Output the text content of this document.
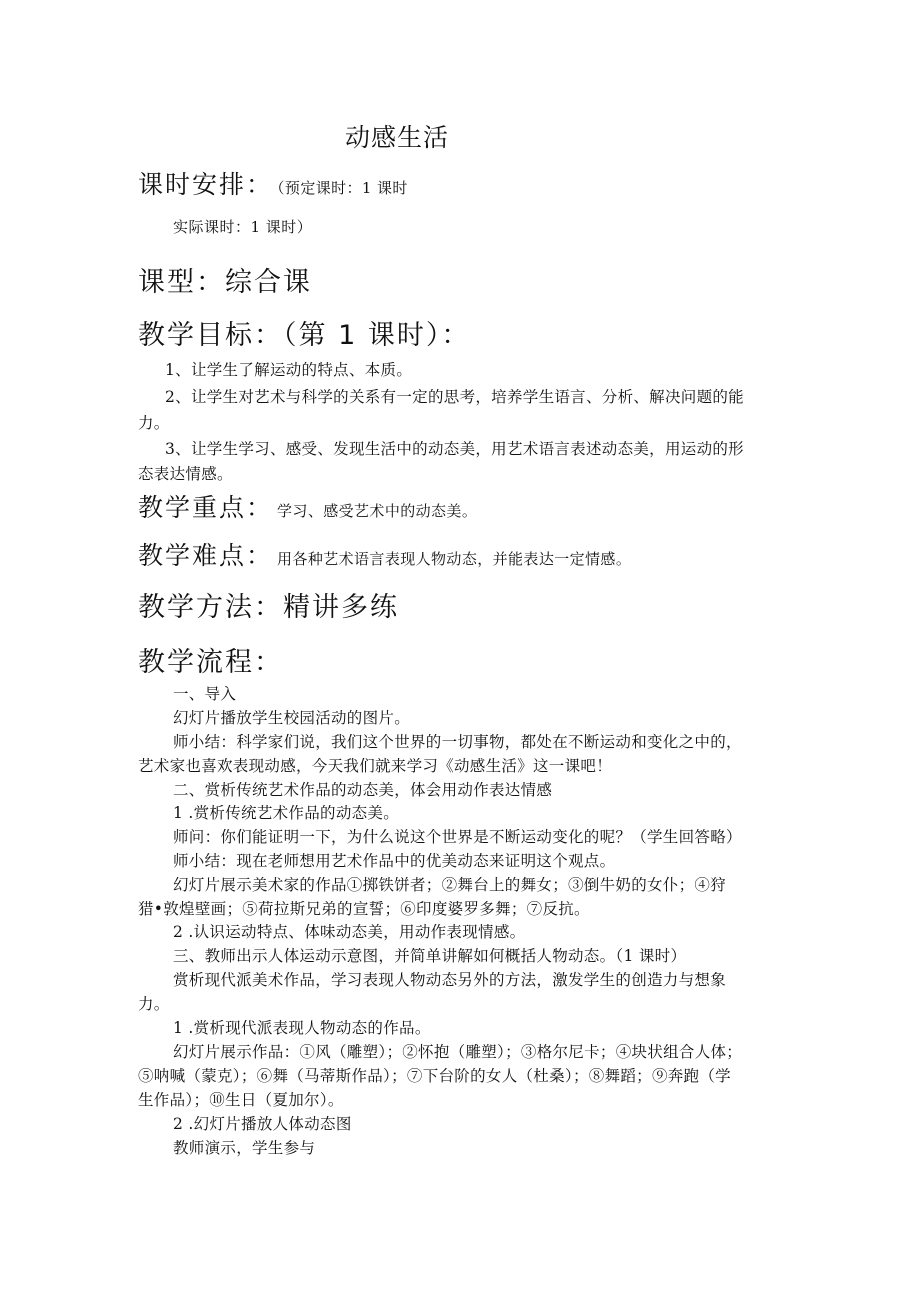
动感生活
课时安排： （预定课时：1 课时
实际课时：1 课时）
课型：综合课
教学目标：（第 1 课时）：
1、让学生了解运动的特点、本质。
2、让学生对艺术与科学的关系有一定的思考，培养学生语言、分析、解决问题的能
力。
3、让学生学习、感受、发现生活中的动态美，用艺术语言表述动态美，用运动的形
态表达情感。
教学重点： 学习、感受艺术中的动态美。
教学难点： 用各种艺术语言表现人物动态，并能表达一定情感。
教学方法：精讲多练
教学流程：
一、导入
幻灯片播放学生校园活动的图片。
师小结：科学家们说，我们这个世界的一切事物，都处在不断运动和变化之中的，
艺术家也喜欢表现动感，今天我们就来学习《动感生活》这一课吧！
二、赏析传统艺术作品的动态美，体会用动作表达情感
1 .赏析传统艺术作品的动态美。
师问：你们能证明一下，为什么说这个世界是不断运动变化的呢？（学生回答略）
师小结：现在老师想用艺术作品中的优美动态来证明这个观点。
幻灯片展示美术家的作品①掷铁饼者；②舞台上的舞女；③倒牛奶的女仆；④狩
猎•敦煌壁画；⑤荷拉斯兄弟的宣誓；⑥印度婆罗多舞；⑦反抗。
2 .认识运动特点、体味动态美，用动作表现情感。
三、教师出示人体运动示意图，并简单讲解如何概括人物动态。（1 课时）
赏析现代派美术作品，学习表现人物动态另外的方法，激发学生的创造力与想象
力。
1 .赏析现代派表现人物动态的作品。
幻灯片展示作品：①风（雕塑）；②怀抱（雕塑）；③格尔尼卡；④块状组合人体；
⑤呐喊（蒙克）；⑥舞（马蒂斯作品）；⑦下台阶的女人（杜桑）；⑧舞蹈；⑨奔跑（学
生作品）；⑩生日（夏加尔）。
2 .幻灯片播放人体动态图
教师演示，学生参与
